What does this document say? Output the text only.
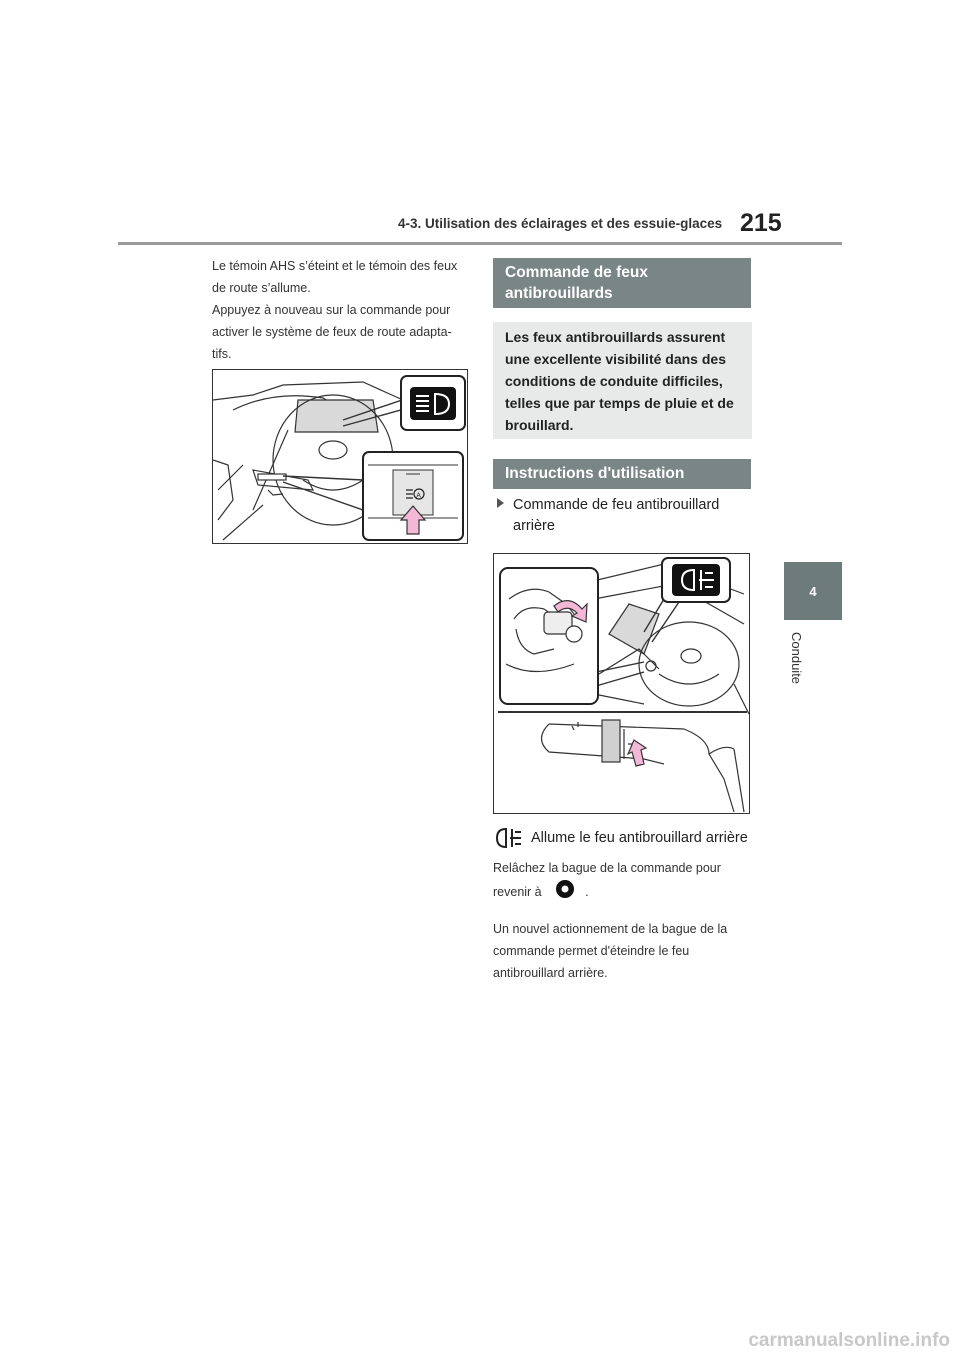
4-3. Utilisation des éclairages et des essuie-glaces 215
4
Conduite
Le témoin AHS s’éteint et le témoin des feux de route s’allume.
Appuyez à nouveau sur la commande pour activer le système de feux de route adapta-tifs.
A
Commande de feux antibrouillards
Les feux antibrouillards assurent une excellente visibilité dans des conditions de conduite difficiles, telles que par temps de pluie et de brouillard.
Instructions d'utilisation
Commande de feu antibrouillard
arrière
Allume le feu antibrouillard arrière
Relâchez la bague de la commande pour revenir à	.
Un nouvel actionnement de la bague de la commande permet d'éteindre le feu antibrouillard arrière.
carmanualsonline.info
